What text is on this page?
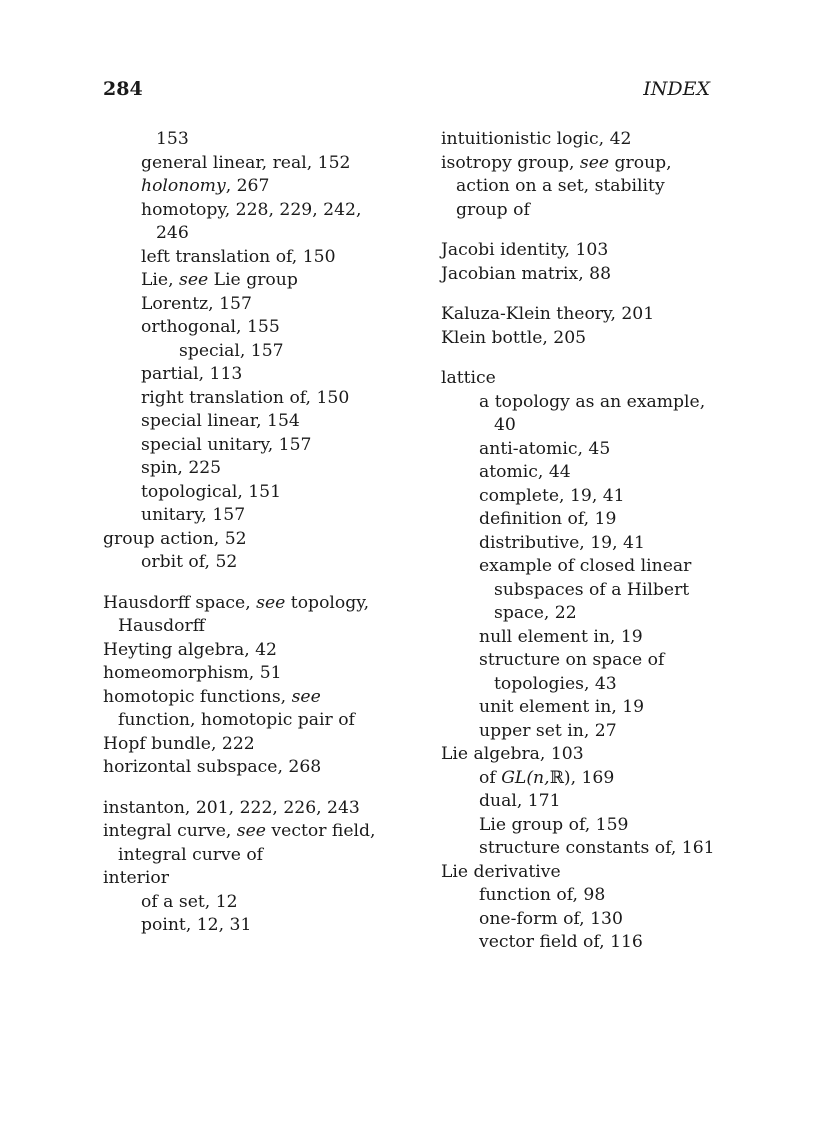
284	INDEX
153
general linear, real, 152
holonomy, 267
homotopy, 228, 229, 242,
246
left translation of, 150
Lie, see Lie group
Lorentz, 157
orthogonal, 155
special, 157
partial, 113
right translation of, 150
special linear, 154
special unitary, 157
spin, 225
topological, 151
unitary, 157
group action, 52
orbit of, 52
Hausdorff space, see topology,
Hausdorff
Heyting algebra, 42
homeomorphism, 51
homotopic functions, see
function, homotopic pair of
Hopf bundle, 222
horizontal subspace, 268
instanton, 201, 222, 226, 243
integral curve, see vector field,
integral curve of
interior
of a set, 12
point, 12, 31
intuitionistic logic, 42
isotropy group, see group,
action on a set, stability
group of
Jacobi identity, 103
Jacobian matrix, 88
Kaluza-Klein theory, 201
Klein bottle, 205
lattice
a topology as an example,
40
anti-atomic, 45
atomic, 44
complete, 19, 41
definition of, 19
distributive, 19, 41
example of closed linear
subspaces of a Hilbert
space, 22
null element in, 19
structure on space of
topologies, 43
unit element in, 19
upper set in, 27
Lie algebra, 103
of GL(n,ℝ), 169
dual, 171
Lie group of, 159
structure constants of, 161
Lie derivative
function of, 98
one-form of, 130
vector field of, 116
